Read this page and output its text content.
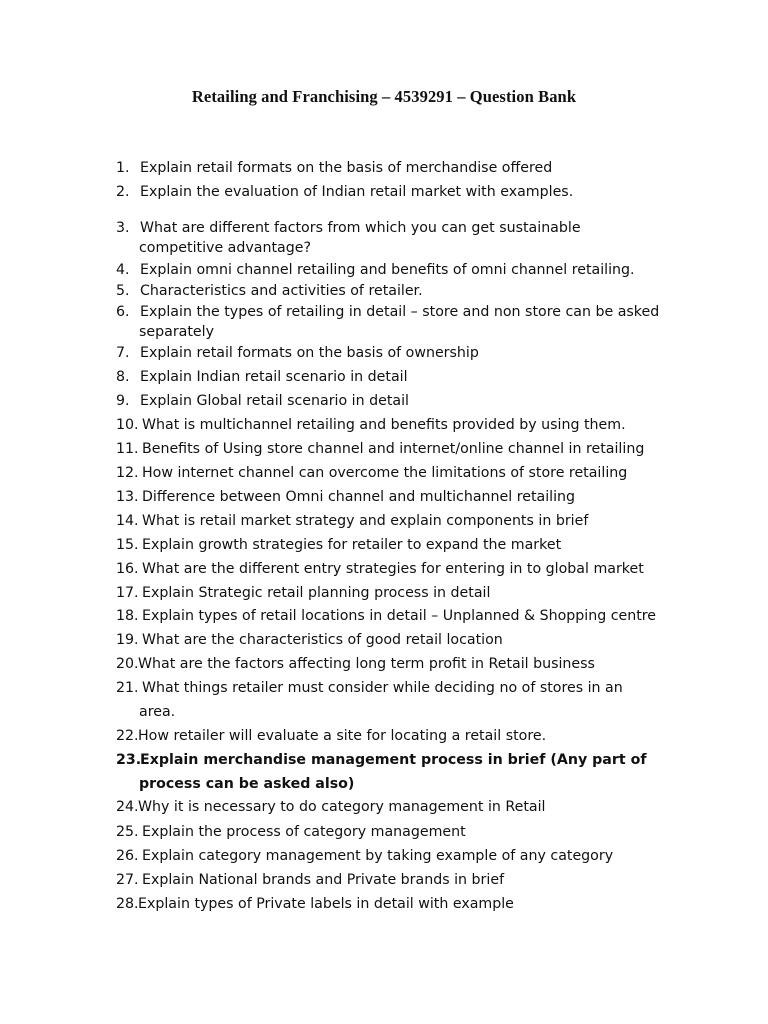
Retailing and Franchising – 4539291 – Question Bank
1. Explain retail formats on the basis of merchandise offered
2. Explain the evaluation of Indian retail market with examples.
3. What are different factors from which you can get sustainable
competitive advantage?
4. Explain omni channel retailing and benefits of omni channel retailing.
5. Characteristics and activities of retailer.
6. Explain the types of retailing in detail – store and non store can be asked
separately
7. Explain retail formats on the basis of ownership
8. Explain Indian retail scenario in detail
9. Explain Global retail scenario in detail
10. What is multichannel retailing and benefits provided by using them.
11. Benefits of Using store channel and internet/online channel in retailing
12. How internet channel can overcome the limitations of store retailing
13. Difference between Omni channel and multichannel retailing
14. What is retail market strategy and explain components in brief
15. Explain growth strategies for retailer to expand the market
16. What are the different entry strategies for entering in to global market
17. Explain Strategic retail planning process in detail
18. Explain types of retail locations in detail – Unplanned & Shopping centre
19. What are the characteristics of good retail location
20.What are the factors affecting long term profit in Retail business
21. What things retailer must consider while deciding no of stores in an
area.
22.How retailer will evaluate a site for locating a retail store.
23.Explain merchandise management process in brief (Any part of
process can be asked also)
24.Why it is necessary to do category management in Retail
25. Explain the process of category management
26. Explain category management by taking example of any category
27. Explain National brands and Private brands in brief
28.Explain types of Private labels in detail with example
